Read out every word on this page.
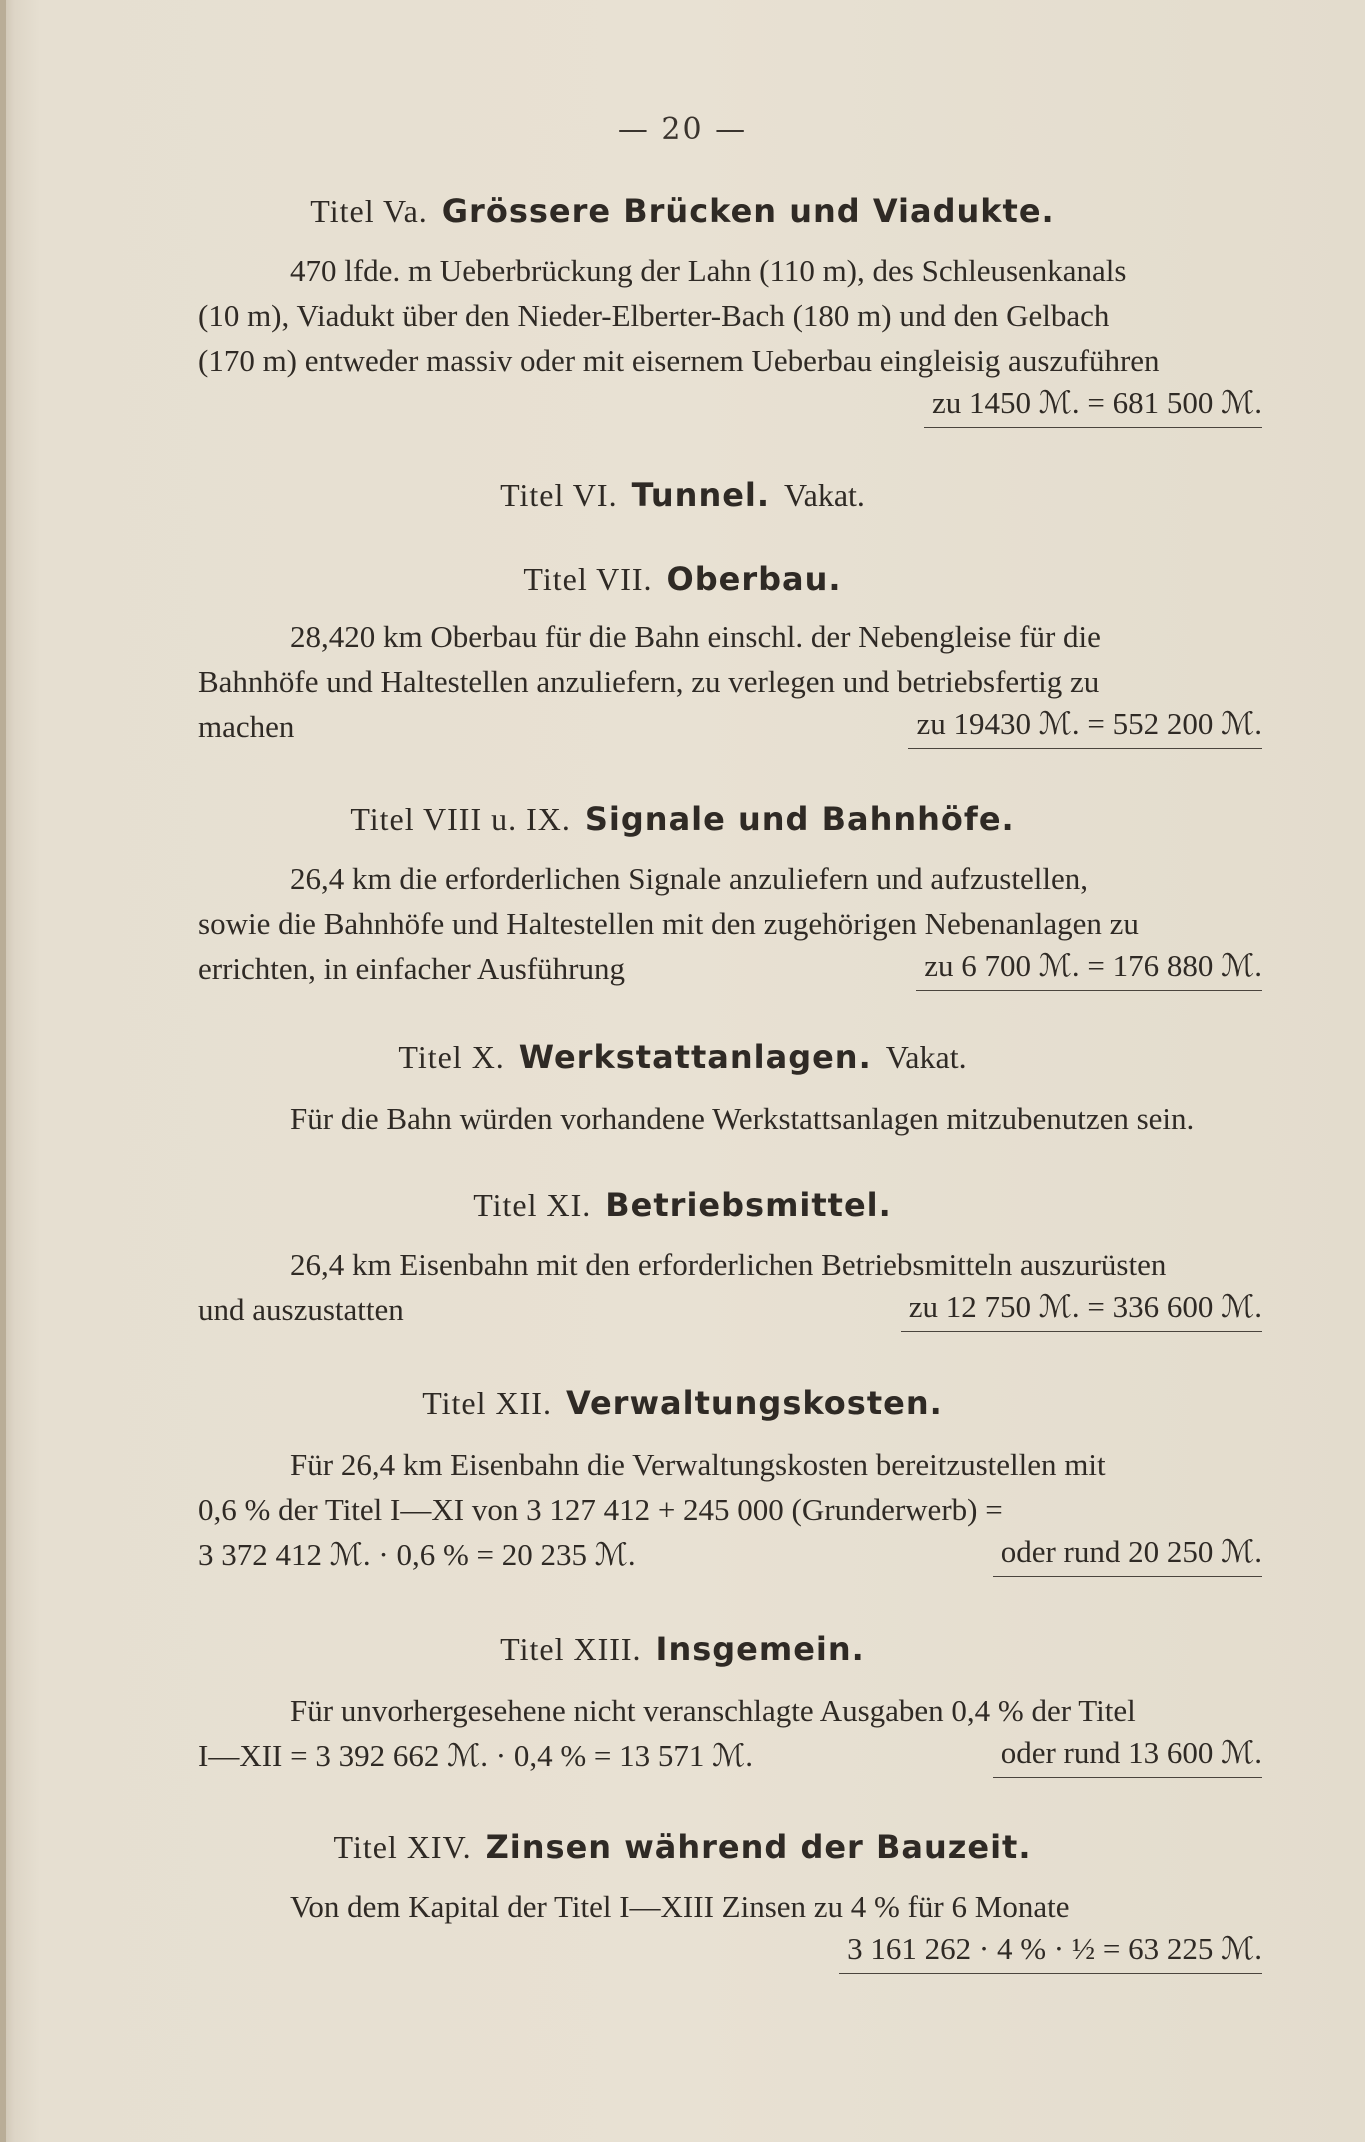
— 20 —
Titel Va. Grössere Brücken und Viadukte.
470 lfde. m Ueberbrückung der Lahn (110 m), des Schleusenkanals
(10 m), Viadukt über den Nieder-Elberter-Bach (180 m) und den Gelbach
(170 m) entweder massiv oder mit eisernem Ueberbau eingleisig auszuführen
zu 1450 ℳ. = 681 500 ℳ.
Titel VI. Tunnel. Vakat.
Titel VII. Oberbau.
28,420 km Oberbau für die Bahn einschl. der Nebengleise für die
Bahnhöfe und Haltestellen anzuliefern, zu verlegen und betriebsfertig zu
machen	zu 19430 ℳ. = 552 200 ℳ.
Titel VIII u. IX. Signale und Bahnhöfe.
26,4 km die erforderlichen Signale anzuliefern und aufzustellen,
sowie die Bahnhöfe und Haltestellen mit den zugehörigen Nebenanlagen zu
errichten, in einfacher Ausführung	zu 6 700 ℳ. = 176 880 ℳ.
Titel X. Werkstattanlagen. Vakat.
Für die Bahn würden vorhandene Werkstattsanlagen mitzubenutzen sein.
Titel XI. Betriebsmittel.
26,4 km Eisenbahn mit den erforderlichen Betriebsmitteln auszurüsten
und auszustatten	zu 12 750 ℳ. = 336 600 ℳ.
Titel XII. Verwaltungskosten.
Für 26,4 km Eisenbahn die Verwaltungskosten bereitzustellen mit
0,6 % der Titel I—XI von 3 127 412 + 245 000 (Grunderwerb) =
3 372 412 ℳ. · 0,6 % = 20 235 ℳ.	oder rund 20 250 ℳ.
Titel XIII. Insgemein.
Für unvorhergesehene nicht veranschlagte Ausgaben 0,4 % der Titel
I—XII = 3 392 662 ℳ. · 0,4 % = 13 571 ℳ.	oder rund 13 600 ℳ.
Titel XIV. Zinsen während der Bauzeit.
Von dem Kapital der Titel I—XIII Zinsen zu 4 % für 6 Monate
3 161 262 · 4 % · ½ = 63 225 ℳ.
